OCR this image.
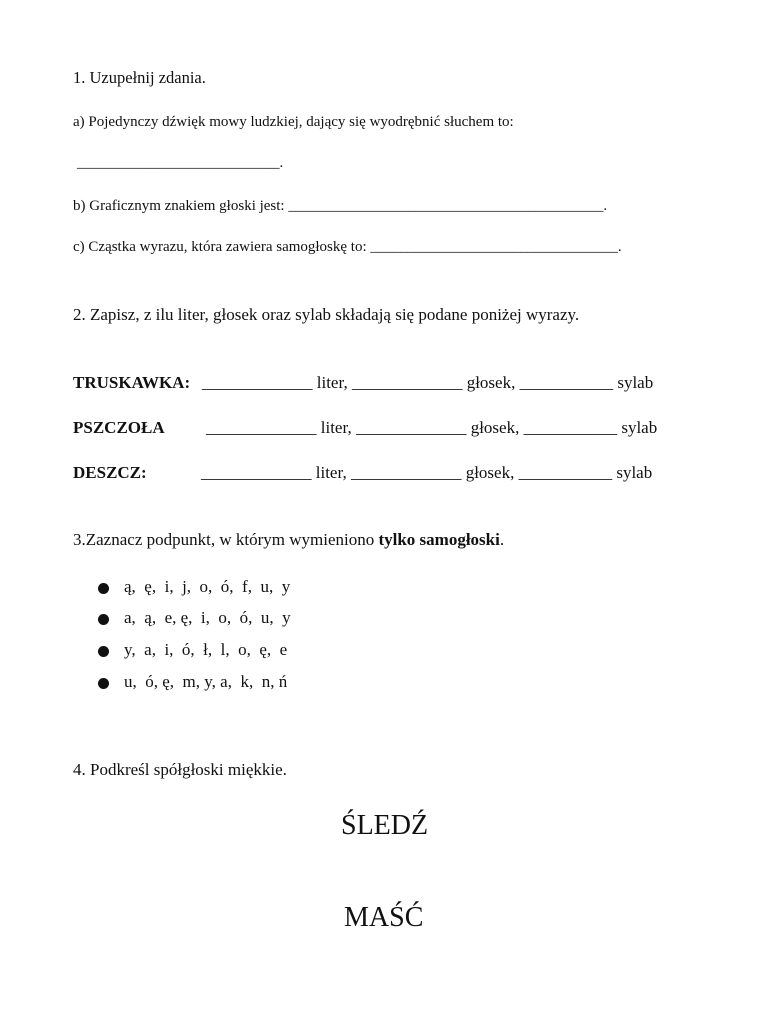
1. Uzupełnij zdania.
a) Pojedynczy dźwięk mowy ludzkiej, dający się wyodrębnić słuchem to:
___________________________.
b) Graficznym znakiem głoski jest: __________________________________________.
c) Cząstka wyrazu, która zawiera samogłoskę to: _________________________________.
2. Zapisz, z ilu liter, głosek oraz sylab składają się podane poniżej wyrazy.
TRUSKAWKA: _____________ liter, _____________ głosek, ___________ sylab
PSZCZOŁA _____________ liter, _____________ głosek, ___________ sylab
DESZCZ:	_____________ liter, _____________ głosek, ___________ sylab
3.Zaznacz podpunkt, w którym wymieniono tylko samogłoski.
ą,  ę,  i,  j,  o,  ó,  f,  u,  y
a,  ą,  e, ę,  i,  o,  ó,  u,  y
y,  a,  i,  ó,  ł,  l,  o,  ę,  e
u,  ó, ę,  m, y, a,  k,  n, ń
4. Podkreśl spółgłoski miękkie.
ŚLEDŹ
MAŚĆ
